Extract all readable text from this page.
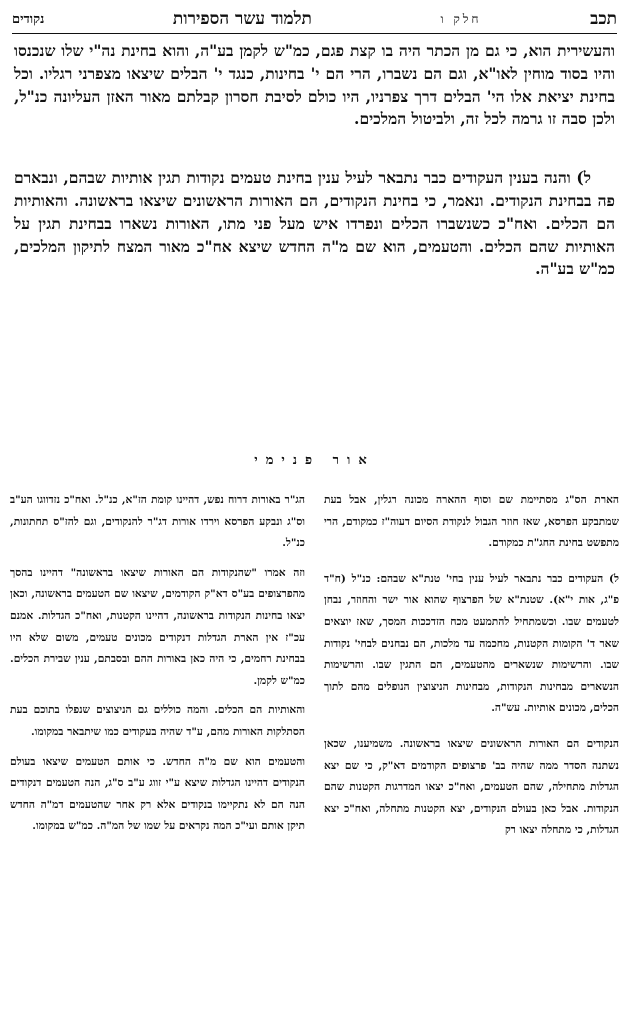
תכב
חלק ו
תלמוד עשר הספירות
נקודים

והעשירית הוא, כי גם מן הכתר היה בו קצת פגם, כמ"ש לקמן בע"ה, והוא בחינת נה"י שלו שנכנסו והיו בסוד מוחין לאו"א, וגם הם נשברו, הרי הם י' בחינות, כנגד י' הבלים שיצאו מצפרני רגליו. וכל בחינת יציאת אלו הי' הבלים דרך צפרניו, היו כולם לסיבת חסרון קבלתם מאור האזן העליונה כנ"ל, ולכן סבה זו גרמה לכל זה, ולביטול המלכים.

ל) והנה בענין העקודים כבר נתבאר לעיל ענין בחינת טעמים נקודות תגין אותיות שבהם, ונבארם פה בבחינת הנקודים. ונאמר, כי בחינת הנקודים, הם האורות הראשונים שיצאו בראשונה. והאותיות הם הכלים. ואח"כ כשנשברו הכלים ונפרדו איש מעל פני מתו, האורות נשארו בבחינת תגין על האותיות שהם הכלים. והטעמים, הוא שם מ"ה החדש שיצא אח"כ מאור המצח לתיקון המלכים, כמ"ש בע"ה.

אור פנימי

הארת הס"ג מסתיימת שם וסוף ההארה מכונה רגלין, אבל בעת שמתבקע הפרסא, שאז חוזר הגבול לנקודת הסיום דעוה"ז כמקודם, הרי מתפשט בחינת החג"ת כמקודם.

ל) העקודים כבר נתבאר לעיל ענין בחי' טנת"א שבהם: כנ"ל (ח"ד פ"ג, אות י"א). שטנת"א של הפרצוף שהוא אור ישר והחוזר, נבחן לטעמים שבו. וכשמתחיל להתמעט מכח הזדככות המסך, שאז יוצאים שאר ד' הקומות הקטנות, מחכמה עד מלכות, הם נבחנים לבחי' נקודות שבו. והרשימות שנשארים מהטעמים, הם התגין שבו. והרשימות הנשארים מבחינות הנקודות, מבחינות הניצוצין הנופלים מהם לתוך הכלים, מכונים אותיות. עש"ה.

הנקודים הם האורות הראשונים שיצאו בראשונה. משמיענו, שכאן נשתנה הסדר ממה שהיה בב' פרצופים הקודמים דא"ק, כי שם יצא הגדלות מתחילה, שהם הטעמים, ואח"כ יצאו המדרגות הקטנות שהם הנקודות. אבל כאן בעולם הנקודים, יצא הקטנות מתחלה, ואח"כ יצא הגדלות, כי מתחלה יצאו רק

הג"ר באורות דרוח נפש, דהיינו קומת הז"א, כנ"ל. ואח"כ נזדווגו הע"ב וס"ג ונבקע הפרסא וירדו אורות דג"ר להנקודים, וגם להז"ס תחתונות, כנ"ל.

וזה אמרו "שהנקודות הם האורות שיצאו בראשונה" דהיינו בהסך מהפרצופים בע"ס דא"ק הקודמים, שיצאו שם הטעמים בראשונה, וכאן יצאו בחינות הנקודות בראשונה, דהיינו הקטנות, ואח"כ הגדלות. אמנם עכ"ז אין הארת הגדלות דנקודים מכונים טעמים, משום שלא היו בבחינת רחמים, כי היה כאן באורות ההם ובסבתם, ענין שבירת הכלים. כמ"ש לקמן.

והאותיות הם הכלים. והמה כוללים גם הניצוצים שנפלו בתוכם בעת הסתלקות האורות מהם, ע"ד שהיה בעקודים כמו שיתבאר במקומו.

והטעמים הוא שם מ"ה החדש. כי אותם הטעמים שיצאו בעולם הנקודים דהיינו הגדלות שיצא ע"י זווג ע"ב ס"ג, הנה הטעמים דנקודים הנה הם לא נתקיימו בנקודים אלא רק אחר שהטעמים דמ"ה החדש תיקן אותם ועי"כ המה נקראים על שמו של המ"ה. כמ"ש במקומו.
